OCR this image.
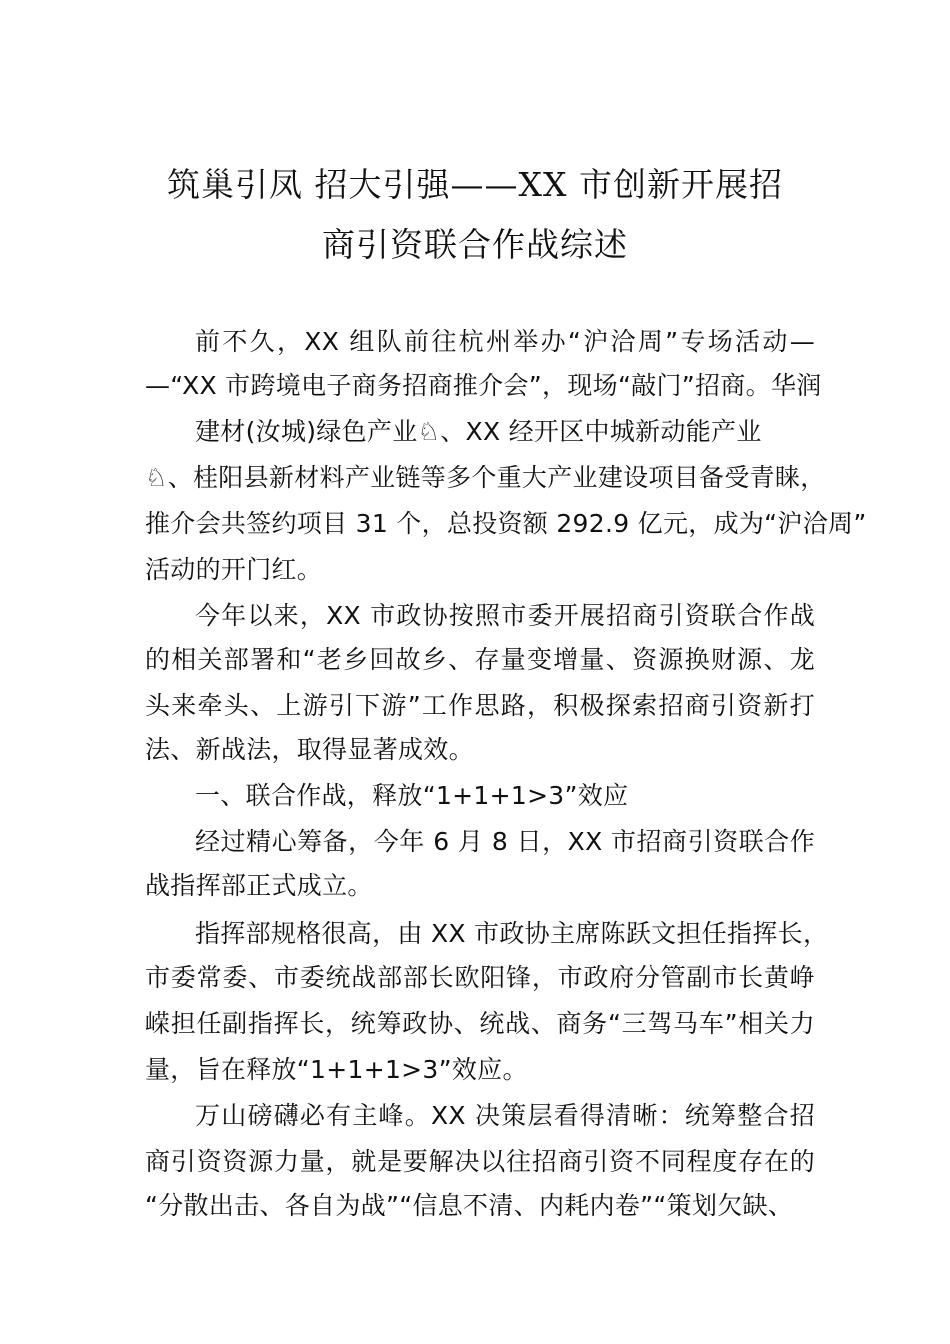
筑巢引凤 招大引强——XX 市创新开展招
商引资联合作战综述
前不久，XX 组队前往杭州举办“沪洽周”专场活动—
—“XX 市跨境电子商务招商推介会”，现场“敲门”招商。华润
建材(汝城)绿色产业♘、XX 经开区中城新动能产业
♘、桂阳县新材料产业链等多个重大产业建设项目备受青睐，
推介会共签约项目 31 个，总投资额 292.9 亿元，成为“沪洽周”
活动的开门红。
今年以来，XX 市政协按照市委开展招商引资联合作战
的相关部署和“老乡回故乡、存量变增量、资源换财源、龙
头来牵头、上游引下游”工作思路，积极探索招商引资新打
法、新战法，取得显著成效。
一、联合作战，释放“1+1+1>3”效应
经过精心筹备，今年 6 月 8 日，XX 市招商引资联合作
战指挥部正式成立。
指挥部规格很高，由 XX 市政协主席陈跃文担任指挥长，
市委常委、市委统战部部长欧阳锋，市政府分管副市长黄峥
嵘担任副指挥长，统筹政协、统战、商务“三驾马车”相关力
量，旨在释放“1+1+1>3”效应。
万山磅礴必有主峰。XX 决策层看得清晰：统筹整合招
商引资资源力量，就是要解决以往招商引资不同程度存在的
“分散出击、各自为战”“信息不清、内耗内卷”“策划欠缺、
